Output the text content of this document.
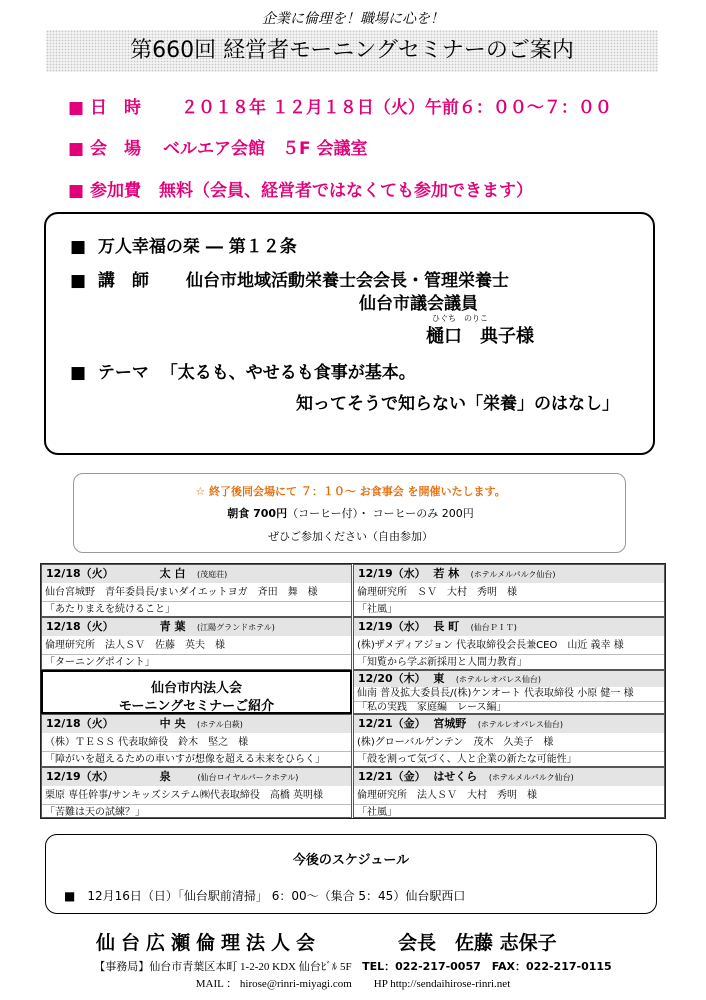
企業に倫理を！職場に心を！
第660回 経営者モーニングセミナーのご案内
■ 日　時 ２０１８年 １２月１８日（火）午前６：００〜７：００
■ 会　場 ベルエア会館　５F 会議室
■ 参加費 無料（会員、経営者ではなくても参加できます）
■ 万人幸福の栞 ― 第１２条
■ 講　師 仙台市地域活動栄養士会会長・管理栄養士
仙台市議会議員
ひぐち　のりこ
樋口　典子様
■ テーマ 「太るも、やせるも食事が基本。
知ってそうで知らない「栄養」のはなし」
☆ 終了後同会場にて ７：１０〜 お食事会 を開催いたします。
朝食 700円（コーヒー付）・ コーヒーのみ 200円
ぜひご参加ください（自由参加）
12/18（火）	太 白 (茂庭荘)
仙台宮城野　青年委員長/まいダイエットヨガ　斉田　舞　様
「あたりまえを続けること」
12/18（火）	青 葉 (江陽グランドホテル)
倫理研究所　法人ＳＶ　佐藤　英夫　様
「ターニングポイント」
仙台市内法人会
モーニングセミナーご紹介
12/18（火）	中 央 (ホテル白萩)
（株）ＴＥＳＳ 代表取締役　鈴木　堅之　様
「障がいを超えるための車いすが想像を超える未来をひらく」
12/19（水）	泉	(仙台ロイヤルパークホテル)
栗原 専任幹事/サンキッズシステム㈱代表取締役　高橋 英明様
「苦難は天の試練？」
12/19（水） 若 林 (ホテルメルパルク仙台)
倫理研究所　ＳＶ　大村　秀明　様
「社風」
12/19（水） 長 町 (仙台ＰＩＴ)
(株)ザメディアジョン 代表取締役会長兼CEO　山近 義幸 様
「知覧から学ぶ新採用と人間力教育」
12/20（木） 東 (ホテルレオパレス仙台)
仙南 普及拡大委員長/(株)ケンオート 代表取締役 小原 健一 様
「私の実践　家庭編　レース編」
12/21（金） 宮城野 (ホテルレオパレス仙台)
(株)グローバルゲンテン　茂木　久美子　様
「殻を割って気づく、人と企業の新たな可能性」
12/21（金） はせくら (ホテルメルパルク仙台)
倫理研究所　法人ＳＶ　大村　秀明　様
「社風」
今後のスケジュール
■　12月16日（日）「仙台駅前清掃」 6：00〜（集合 5：45）仙台駅西口
仙台広瀬倫理法人会	会長　佐藤 志保子
【事務局】仙台市青葉区本町 1-2-20 KDX 仙台ﾋﾞﾙ 5F TEL：022-217-0057　FAX：022-217-0115
MAIL ： hirose@rinri-miyagi.com　　HP http://sendaihirose-rinri.net
